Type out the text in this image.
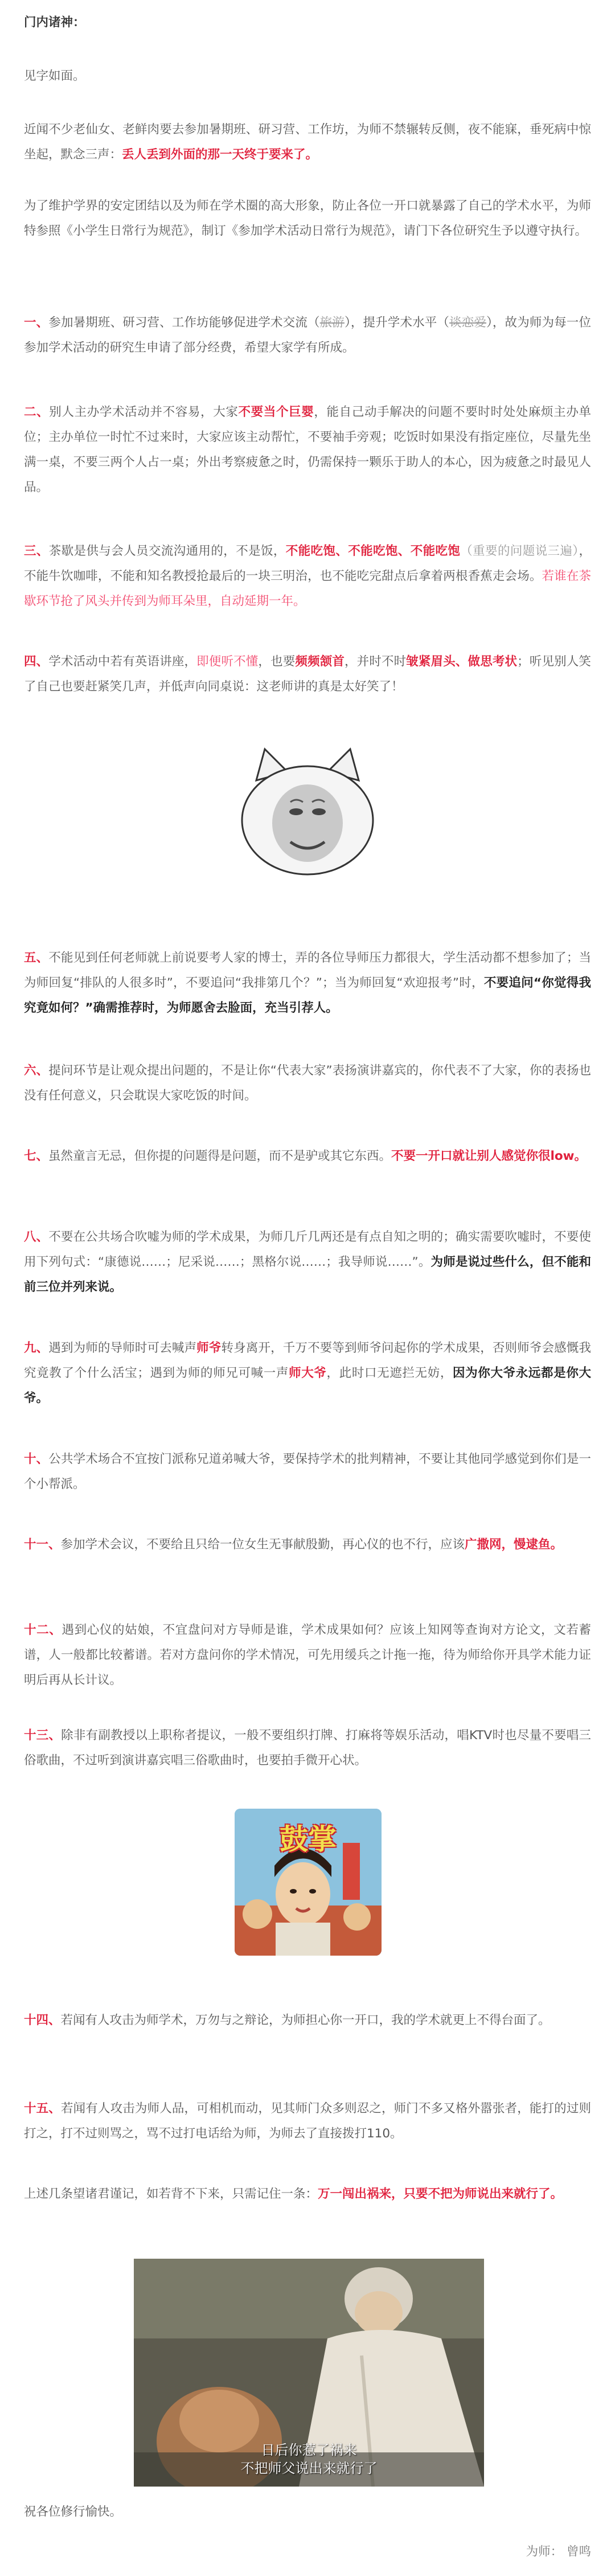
门内诸神：

见字如面。

近闻不少老仙女、老鲜肉要去参加暑期班、研习营、工作坊，为师不禁辗转反侧，夜不能寐，垂死病中惊坐起，默念三声：丢人丢到外面的那一天终于要来了。

为了维护学界的安定团结以及为师在学术圈的高大形象，防止各位一开口就暴露了自己的学术水平，为师特参照《小学生日常行为规范》，制订《参加学术活动日常行为规范》，请门下各位研究生予以遵守执行。

一、参加暑期班、研习营、工作坊能够促进学术交流（旅游），提升学术水平（谈恋爱），故为师为每一位参加学术活动的研究生申请了部分经费，希望大家学有所成。

二、别人主办学术活动并不容易，大家不要当个巨婴，能自己动手解决的问题不要时时处处麻烦主办单位；主办单位一时忙不过来时，大家应该主动帮忙，不要袖手旁观；吃饭时如果没有指定座位，尽量先坐满一桌，不要三两个人占一桌；外出考察疲惫之时，仍需保持一颗乐于助人的本心，因为疲惫之时最见人品。

三、茶歇是供与会人员交流沟通用的，不是饭，不能吃饱、不能吃饱、不能吃饱（重要的问题说三遍），不能牛饮咖啡，不能和知名教授抢最后的一块三明治，也不能吃完甜点后拿着两根香蕉走会场。若谁在茶歇环节抢了风头并传到为师耳朵里，自动延期一年。

四、学术活动中若有英语讲座，即便听不懂，也要频频颔首，并时不时皱紧眉头、做思考状；听见别人笑了自己也要赶紧笑几声，并低声向同桌说：这老师讲的真是太好笑了！

五、不能见到任何老师就上前说要考人家的博士，弄的各位导师压力都很大，学生活动都不想参加了；当为师回复“排队的人很多时”，不要追问“我排第几个？”；当为师回复“欢迎报考”时，不要追问“你觉得我究竟如何？”确需推荐时，为师愿舍去脸面，充当引荐人。

六、提问环节是让观众提出问题的，不是让你“代表大家”表扬演讲嘉宾的，你代表不了大家，你的表扬也没有任何意义，只会耽误大家吃饭的时间。

七、虽然童言无忌，但你提的问题得是问题，而不是驴或其它东西。不要一开口就让别人感觉你很low。

八、不要在公共场合吹嘘为师的学术成果，为师几斤几两还是有点自知之明的；确实需要吹嘘时，不要使用下列句式：“康德说……；尼采说……；黑格尔说……；我导师说……”。为师是说过些什么，但不能和前三位并列来说。

九、遇到为师的导师时可去喊声师爷转身离开，千万不要等到师爷问起你的学术成果，否则师爷会感慨我究竟教了个什么活宝；遇到为师的师兄可喊一声师大爷，此时口无遮拦无妨，因为你大爷永远都是你大爷。

十、公共学术场合不宜按门派称兄道弟喊大爷，要保持学术的批判精神，不要让其他同学感觉到你们是一个小帮派。

十一、参加学术会议，不要给且只给一位女生无事献殷勤，再心仪的也不行，应该广撒网，慢逮鱼。

十二、遇到心仪的姑娘，不宜盘问对方导师是谁，学术成果如何？应该上知网等查询对方论文，文若蓄谱，人一般都比较蓄谱。若对方盘问你的学术情况，可先用缓兵之计拖一拖，待为师给你开具学术能力证明后再从长计议。

十三、除非有副教授以上职称者提议，一般不要组织打牌、打麻将等娱乐活动，唱KTV时也尽量不要唱三俗歌曲，不过听到演讲嘉宾唱三俗歌曲时，也要拍手微开心状。

鼓掌

十四、若闻有人攻击为师学术，万勿与之辩论，为师担心你一开口，我的学术就更上不得台面了。

十五、若闻有人攻击为师人品，可相机而动，见其师门众多则忍之，师门不多又格外嚣张者，能打的过则打之，打不过则骂之，骂不过打电话给为师，为师去了直接拨打110。

上述几条望诸君谨记，如若背不下来，只需记住一条：万一闯出祸来，只要不把为师说出来就行了。

日后你惹了祸来
不把师父说出来就行了

祝各位修行愉快。

为师： 曾鸣
